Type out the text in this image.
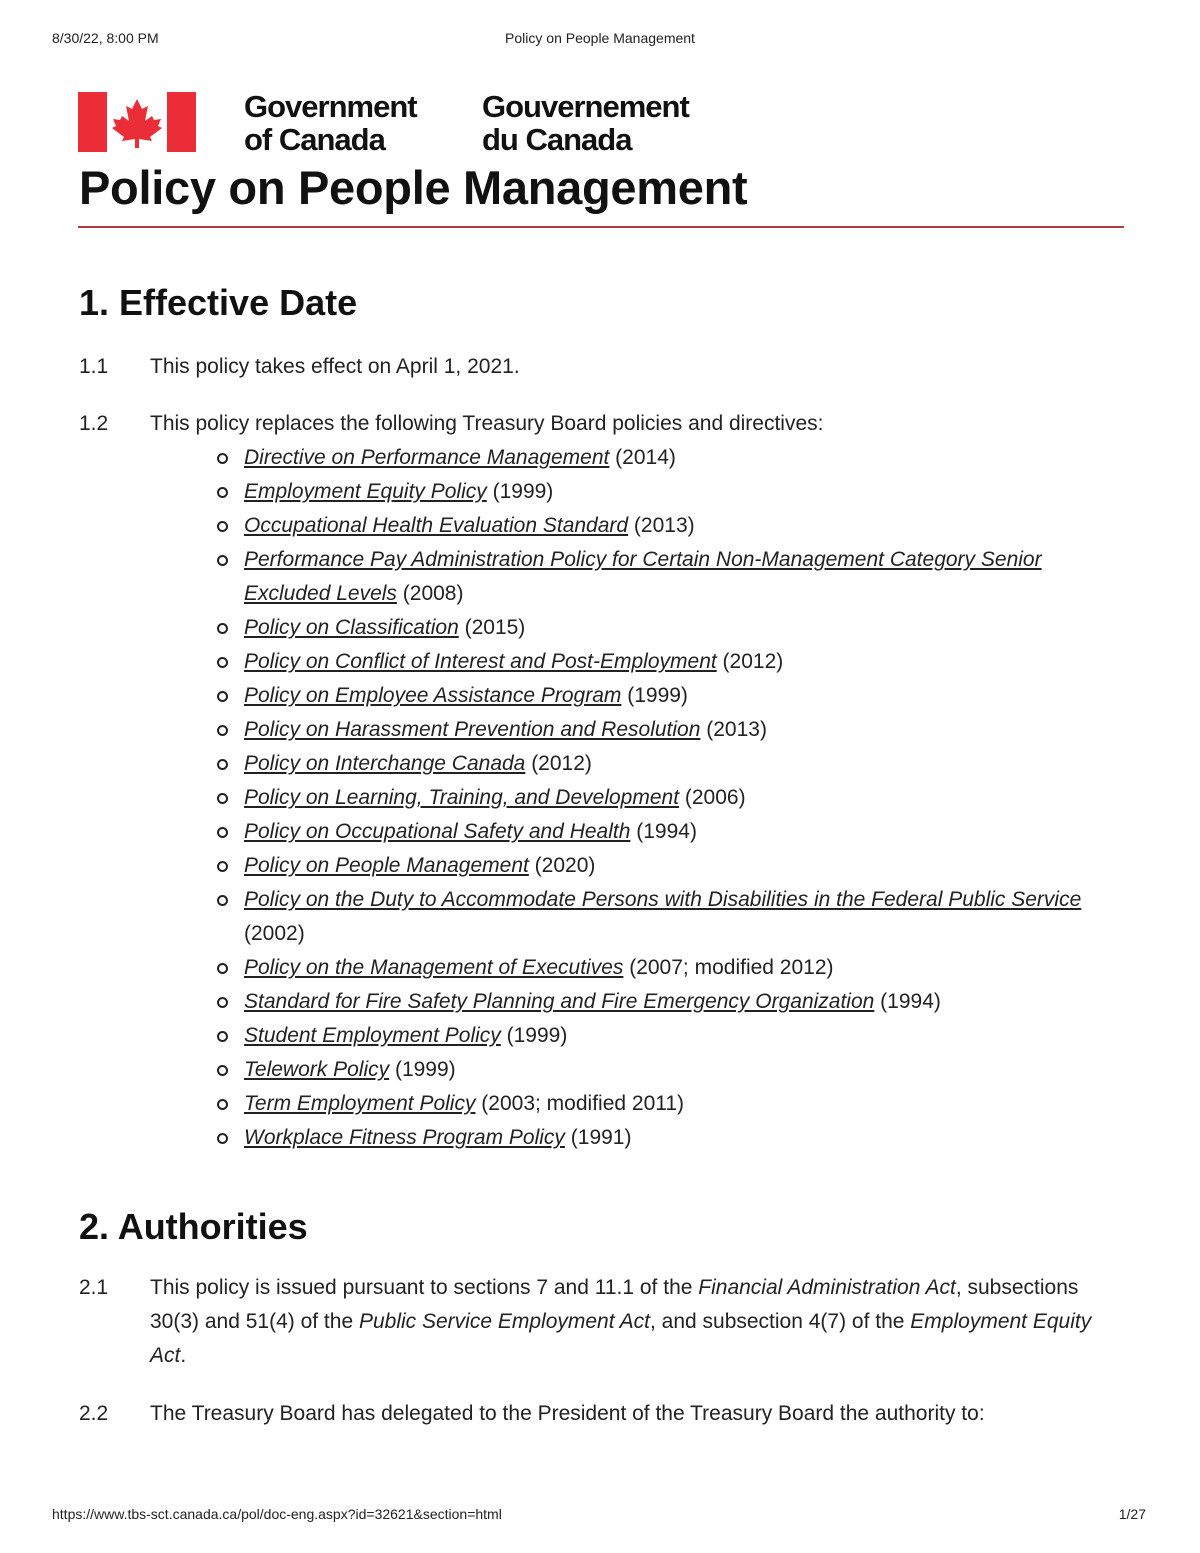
8/30/22, 8:00 PM	Policy on People Management
Government
of Canada
Gouvernement
du Canada
Policy on People Management
1. Effective Date
1.1 This policy takes effect on April 1, 2021.
1.2 This policy replaces the following Treasury Board policies and directives:
Directive on Performance Management (2014)
Employment Equity Policy (1999)
Occupational Health Evaluation Standard (2013)
Performance Pay Administration Policy for Certain Non-Management Category Senior Excluded Levels (2008)
Policy on Classification (2015)
Policy on Conflict of Interest and Post-Employment (2012)
Policy on Employee Assistance Program (1999)
Policy on Harassment Prevention and Resolution (2013)
Policy on Interchange Canada (2012)
Policy on Learning, Training, and Development (2006)
Policy on Occupational Safety and Health (1994)
Policy on People Management (2020)
Policy on the Duty to Accommodate Persons with Disabilities in the Federal Public Service (2002)
Policy on the Management of Executives (2007; modified 2012)
Standard for Fire Safety Planning and Fire Emergency Organization (1994)
Student Employment Policy (1999)
Telework Policy (1999)
Term Employment Policy (2003; modified 2011)
Workplace Fitness Program Policy (1991)
2. Authorities
2.1 This policy is issued pursuant to sections 7 and 11.1 of the Financial Administration Act, subsections 30(3) and 51(4) of the Public Service Employment Act, and subsection 4(7) of the Employment Equity Act.
2.2 The Treasury Board has delegated to the President of the Treasury Board the authority to:
https://www.tbs-sct.canada.ca/pol/doc-eng.aspx?id=32621&section=html	1/27
